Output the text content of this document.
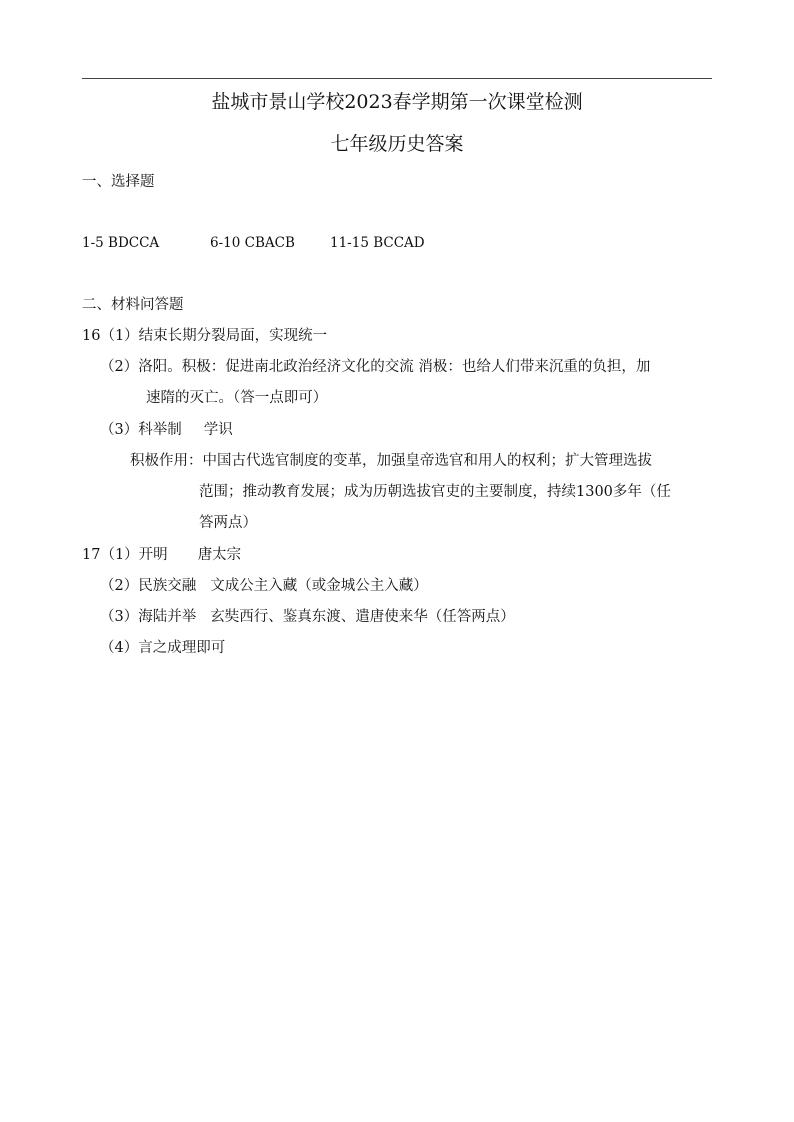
盐城市景山学校2023春学期第一次课堂检测
七年级历史答案
一、选择题
1-5 BDCCA	6-10 CBACB	11-15 BCCAD
二、材料问答题
16（1）结束长期分裂局面，实现统一
（2）洛阳。积极：促进南北政治经济文化的交流 消极：也给人们带来沉重的负担，加
速隋的灭亡。（答一点即可）
（3）科举制 学识
积极作用：中国古代选官制度的变革，加强皇帝选官和用人的权利；扩大管理选拔
范围；推动教育发展；成为历朝选拔官吏的主要制度，持续1300多年（任
答两点）
17（1）开明 唐太宗
（2）民族交融 文成公主入藏（或金城公主入藏）
（3）海陆并举 玄奘西行、鉴真东渡、遣唐使来华（任答两点）
（4）言之成理即可
